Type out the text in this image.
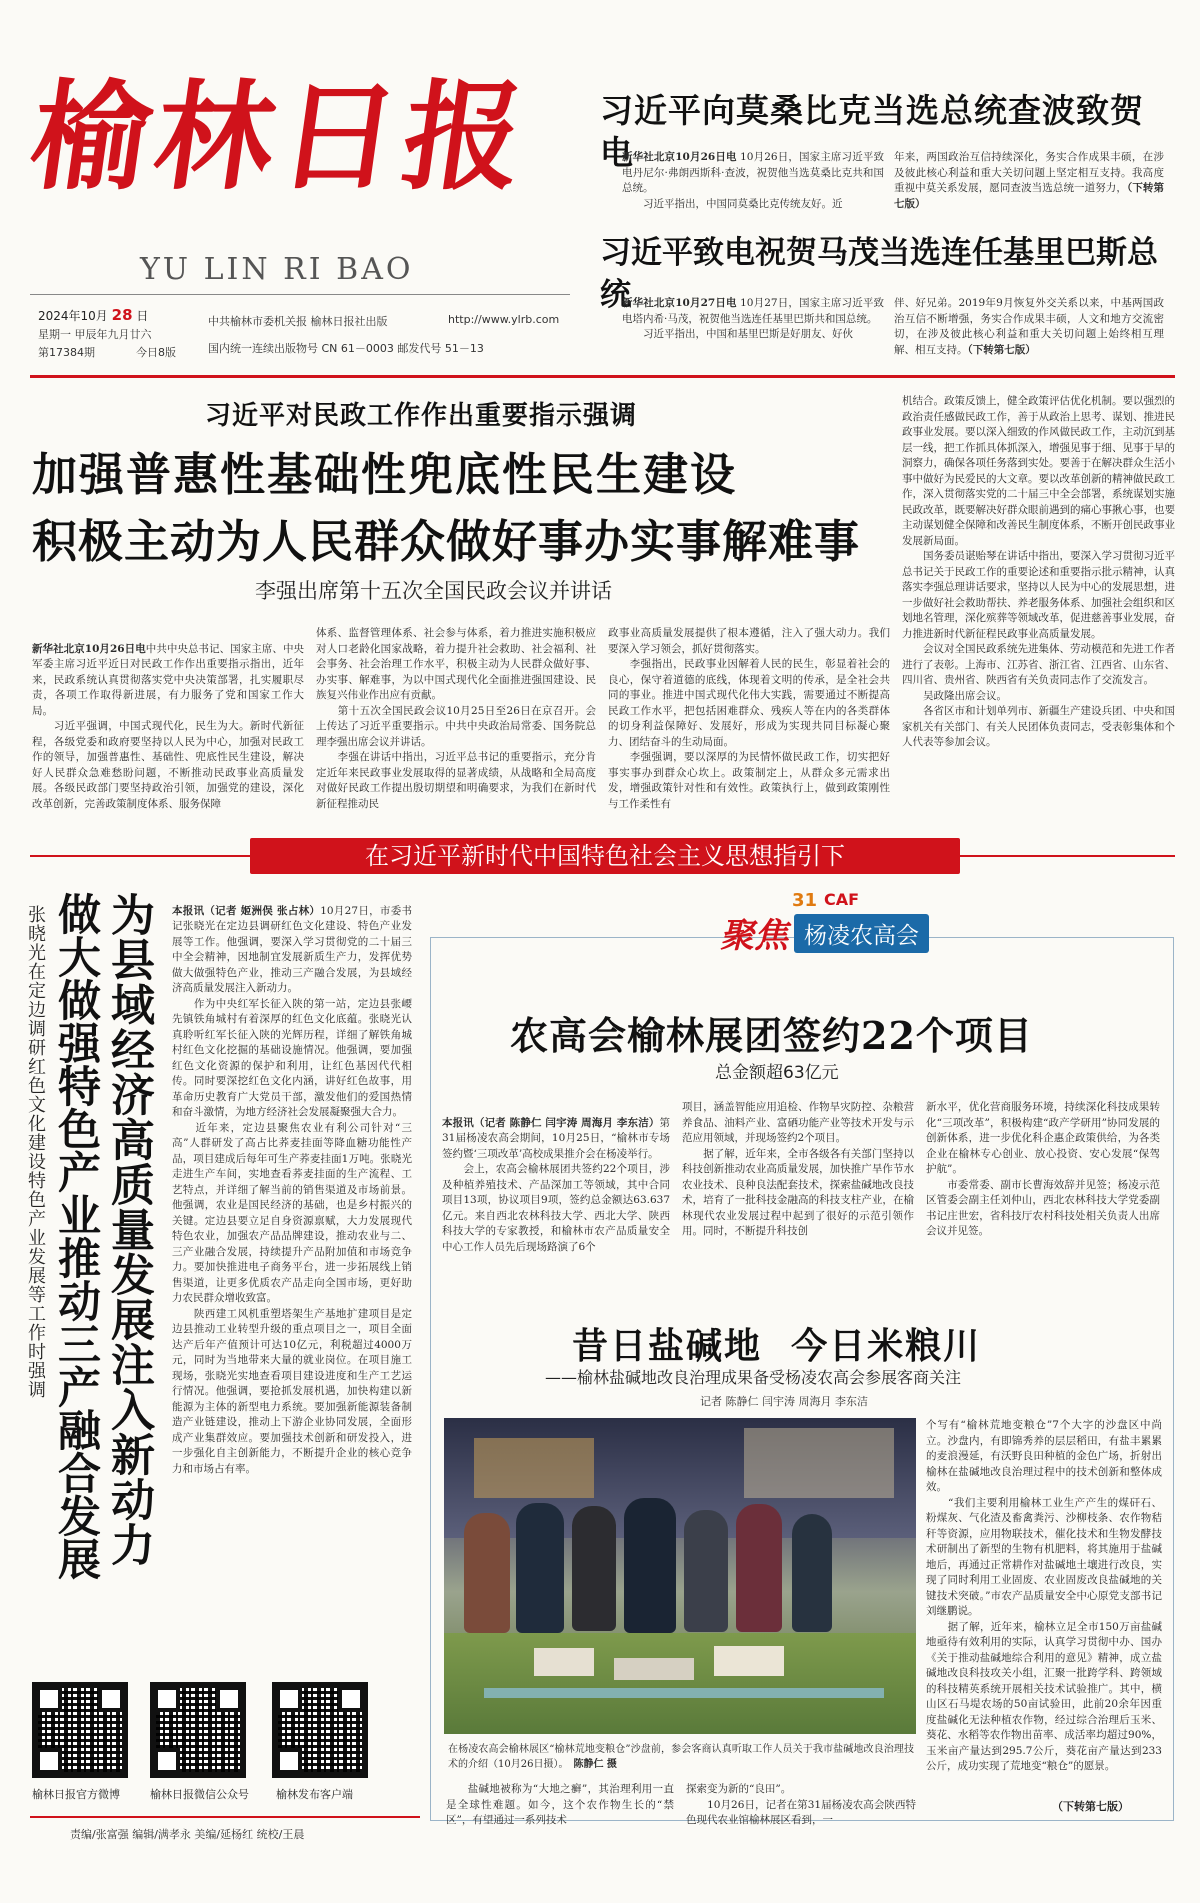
榆林日报
YU LIN RI BAO
2024年10月 28 日
星期一 甲辰年九月廿六
第17384期	今日8版
中共榆林市委机关报 榆林日报社出版	http://www.ylrb.com
国内统一连续出版物号 CN 61－0003 邮发代号 51－13
习近平向莫桑比克当选总统查波致贺电
新华社北京10月26日电 10月26日，国家主席习近平致电丹尼尔·弗朗西斯科·查波，祝贺他当选莫桑比克共和国总统。
　　习近平指出，中国同莫桑比克传统友好。近
年来，两国政治互信持续深化，务实合作成果丰硕，在涉及彼此核心利益和重大关切问题上坚定相互支持。我高度重视中莫关系发展，愿同查波当选总统一道努力，（下转第七版）
习近平致电祝贺马茂当选连任基里巴斯总统
新华社北京10月27日电 10月27日，国家主席习近平致电塔内希·马茂，祝贺他当选连任基里巴斯共和国总统。
　　习近平指出，中国和基里巴斯是好朋友、好伙
伴、好兄弟。2019年9月恢复外交关系以来，中基两国政治互信不断增强，务实合作成果丰硕，人文和地方交流密切，在涉及彼此核心利益和重大关切问题上始终相互理解、相互支持。（下转第七版）
习近平对民政工作作出重要指示强调
加强普惠性基础性兜底性民生建设
积极主动为人民群众做好事办实事解难事
李强出席第十五次全国民政会议并讲话

新华社北京10月26日电中共中央总书记、国家主席、中央军委主席习近平近日对民政工作作出重要指示指出，近年来，民政系统认真贯彻落实党中央决策部署，扎实履职尽责，各项工作取得新进展，有力服务了党和国家工作大局。
　　习近平强调，中国式现代化，民生为大。新时代新征程，各级党委和政府要坚持以人民为中心，加强对民政工作的领导，加强普惠性、基础性、兜底性民生建设，解决好人民群众急难愁盼问题，不断推动民政事业高质量发展。各级民政部门要坚持政治引领，加强党的建设，深化改革创新，完善政策制度体系、服务保障

体系、监督管理体系、社会参与体系，着力推进实施积极应对人口老龄化国家战略，着力提升社会救助、社会福利、社会事务、社会治理工作水平，积极主动为人民群众做好事、办实事、解难事，为以中国式现代化全面推进强国建设、民族复兴伟业作出应有贡献。
　　第十五次全国民政会议10月25日至26日在京召开。会上传达了习近平重要指示。中共中央政治局常委、国务院总理李强出席会议并讲话。
　　李强在讲话中指出，习近平总书记的重要指示，充分肯定近年来民政事业发展取得的显著成绩，从战略和全局高度对做好民政工作提出殷切期望和明确要求，为我们在新时代新征程推动民
政事业高质量发展提供了根本遵循，注入了强大动力。我们要深入学习领会，抓好贯彻落实。
　　李强指出，民政事业因解着人民的民生，彰显着社会的良心，保守着道德的底线，体现着文明的传承，是全社会共同的事业。推进中国式现代化伟大实践，需要通过不断提高民政工作水平，把包括困难群众、残疾人等在内的各类群体的切身利益保障好、发展好，形成为实现共同目标凝心聚力、团结奋斗的生动局面。
　　李强强调，要以深厚的为民情怀做民政工作，切实把好事实事办到群众心坎上。政策制定上，从群众多元需求出发，增强政策针对性和有效性。政策执行上，做到政策刚性与工作柔性有
机结合。政策反馈上，健全政策评估优化机制。要以强烈的政治责任感做民政工作，善于从政治上思考、谋划、推进民政事业发展。要以深入细致的作风做民政工作，主动沉到基层一线，把工作抓具体抓深入，增强见事于细、见事于早的洞察力，确保各项任务落到实处。要善于在解决群众生活小事中做好为民爱民的大文章。要以改革创新的精神做民政工作，深入贯彻落实党的二十届三中全会部署，系统谋划实施民政改革，既要解决好群众眼前遇到的痛心事揪心事，也要主动谋划健全保障和改善民生制度体系，不断开创民政事业发展新局面。
　　国务委员谌贻琴在讲话中指出，要深入学习贯彻习近平总书记关于民政工作的重要论述和重要指示批示精神，认真落实李强总理讲话要求，坚持以人民为中心的发展思想，进一步做好社会救助帮扶、养老服务体系、加强社会组织和区划地名管理，深化殡葬等领域改革，促进慈善事业发展，奋力推进新时代新征程民政事业高质量发展。
　　会议对全国民政系统先进集体、劳动模范和先进工作者进行了表彰。上海市、江苏省、浙江省、江西省、山东省、四川省、贵州省、陕西省有关负责同志作了交流发言。
　　吴政隆出席会议。
　　各省区市和计划单列市、新疆生产建设兵团、中央和国家机关有关部门、有关人民团体负责同志，受表彰集体和个人代表等参加会议。
在习近平新时代中国特色社会主义思想指引下
为县域经济高质量发展注入新动力
做大做强特色产业推动三产融合发展
张晓光在定边调研红色文化建设特色产业发展等工作时强调	本报讯（记者 姬洲俣 张占林）10月27日，市委书记张晓光在定边县调研红色文化建设、特色产业发展等工作。他强调，要深入学习贯彻党的二十届三中全会精神，因地制宜发展新质生产力，发挥优势做大做强特色产业，推动三产融合发展，为县域经济高质量发展注入新动力。
　　作为中央红军长征入陕的第一站，定边县张崾先镇铁角城村有着深厚的红色文化底蕴。张晓光认真聆听红军长征入陕的光辉历程，详细了解铁角城村红色文化挖掘的基础设施情况。他强调，要加强红色文化资源的保护和利用，让红色基因代代相传。同时要深挖红色文化内涵，讲好红色故事，用革命历史教育广大党员干部，激发他们的爱国热情和奋斗激情，为地方经济社会发展凝聚强大合力。
　　近年来，定边县聚焦农业有利公司针对“三高”人群研发了高占比荞麦挂面等降血糖功能性产品，项目建成后每年可生产荞麦挂面1万吨。张晓光走进生产车间，实地查看荞麦挂面的生产流程、工艺特点，并详细了解当前的销售渠道及市场前景。他强调，农业是国民经济的基础，也是乡村振兴的关键。定边县要立足自身资源禀赋，大力发展现代特色农业，加强农产品品牌建设，推动农业与二、三产业融合发展，持续提升产品附加值和市场竞争力。要加快推进电子商务平台，进一步拓展线上销售渠道，让更多优质农产品走向全国市场，更好助力农民群众增收致富。
　　陕西建工风机重塑塔架生产基地扩建项目是定边县推动工业转型升级的重点项目之一，项目全面达产后年产值预计可达10亿元，利税超过4000万元，同时为当地带来大量的就业岗位。在项目施工现场，张晓光实地查看项目建设进度和生产工艺运行情况。他强调，要抢抓发展机遇，加快构建以新能源为主体的新型电力系统。要加强新能源装备制造产业链建设，推动上下游企业协同发展，全面形成产业集群效应。要加强技术创新和研发投入，进一步强化自主创新能力，不断提升企业的核心竞争力和市场占有率。

榆林日报官方微博	榆林日报微信公众号 榆林发布客户端
责编/张富强 编辑/满孝永 美编/延杨红 统校/王晨
聚焦
31 CAF
杨凌农高会
农高会榆林展团签约22个项目
总金额超63亿元

本报讯（记者 陈静仁 闫宇涛 周海月 李东洁）第31届杨凌农高会期间，10月25日，“榆林市专场签约暨‘三项改革’高校成果推介会在杨凌举行。
　　会上，农高会榆林展团共签约22个项目，涉及种植养殖技术、产品深加工等领域，其中合同项目13项，协议项目9项，签约总金额达63.637亿元。来自西北农林科技大学、西北大学、陕西科技大学的专家教授，和榆林市农产品质量安全中心工作人员先后现场路演了6个

项目，涵盖智能应用追检、作物旱灾防控、杂粮营养食品、油料产业、富硒功能产业等技术开发与示范应用领域，并现场签约2个项目。
　　据了解，近年来，全市各级各有关部门坚持以科技创新推动农业高质量发展，加快推广旱作节水农业技术、良种良法配套技术，探索盐碱地改良技术，培育了一批科技金融高的科技支柱产业，在榆林现代农业发展过程中起到了很好的示范引领作用。同时，不断提升科技创
新水平，优化营商服务环境，持续深化科技成果转化“三项改革”，积极构建“政产学研用”协同发展的创新体系，进一步优化科企惠企政策供给，为各类企业在榆林专心创业、放心投资、安心发展“保驾护航”。
　　市委常委、副市长曹海效辞并见签；杨凌示范区管委会副主任刘仲山，西北农林科技大学党委副书记庄世宏，省科技厅农村科技处相关负责人出席会议并见签。
昔日盐碱地  今日米粮川
——榆林盐碱地改良治理成果备受杨凌农高会参展客商关注
记者 陈静仁 闫宇涛 周海月 李东洁
在杨凌农高会榆林展区“榆林荒地变粮仓”沙盘前，参会客商认真听取工作人员关于我市盐碱地改良治理技术的介绍（10月26日摄）。　 陈静仁 摄
　　盐碱地被称为“大地之癣”，其治理利用一直是全球性难题。如今，这个农作物生长的“禁区”，有望通过一系列技术
探索变为新的“良田”。
　　10月26日，记者在第31届杨凌农高会陕西特色现代农业馆榆林展区看到，一
个写有“榆林荒地变粮仓”7个大字的沙盘区中尚立。沙盘内，有即锦秀养的层层稻田，有盐丰累累的麦浪漫延，有沃野良田种植的金色广场，折射出榆林在盐碱地改良治理过程中的技术创新和整体成效。
　　“我们主要利用榆林工业生产产生的煤矸石、粉煤灰、气化渣及畜禽粪污、沙柳枝条、农作物秸秆等资源，应用物联技术，催化技术和生物发酵技术研制出了新型的生物有机肥料，将其施用于盐碱地后，再通过正常耕作对盐碱地土壤进行改良，实现了同时利用工业固废、农业固废改良盐碱地的关键技术突破。”市农产品质量安全中心原党支部书记刘继鹏说。
　　据了解，近年来，榆林立足全市150万亩盐碱地亟待有效利用的实际，认真学习贯彻中办、国办《关于推动盐碱地综合利用的意见》精神，成立盐碱地改良科技攻关小组，汇聚一批跨学科、跨领域的科技精英系统开展相关技术试验推广。其中，横山区石马堤农场的50亩试验田，此前20余年因重度盐碱化无法种植农作物，经过综合治理后玉米、葵花、水稻等农作物出苗率、成活率均超过90%，玉米亩产量达到295.7公斤，葵花亩产量达到233公斤，成功实现了荒地变“粮仓”的愿景。
（下转第七版）
